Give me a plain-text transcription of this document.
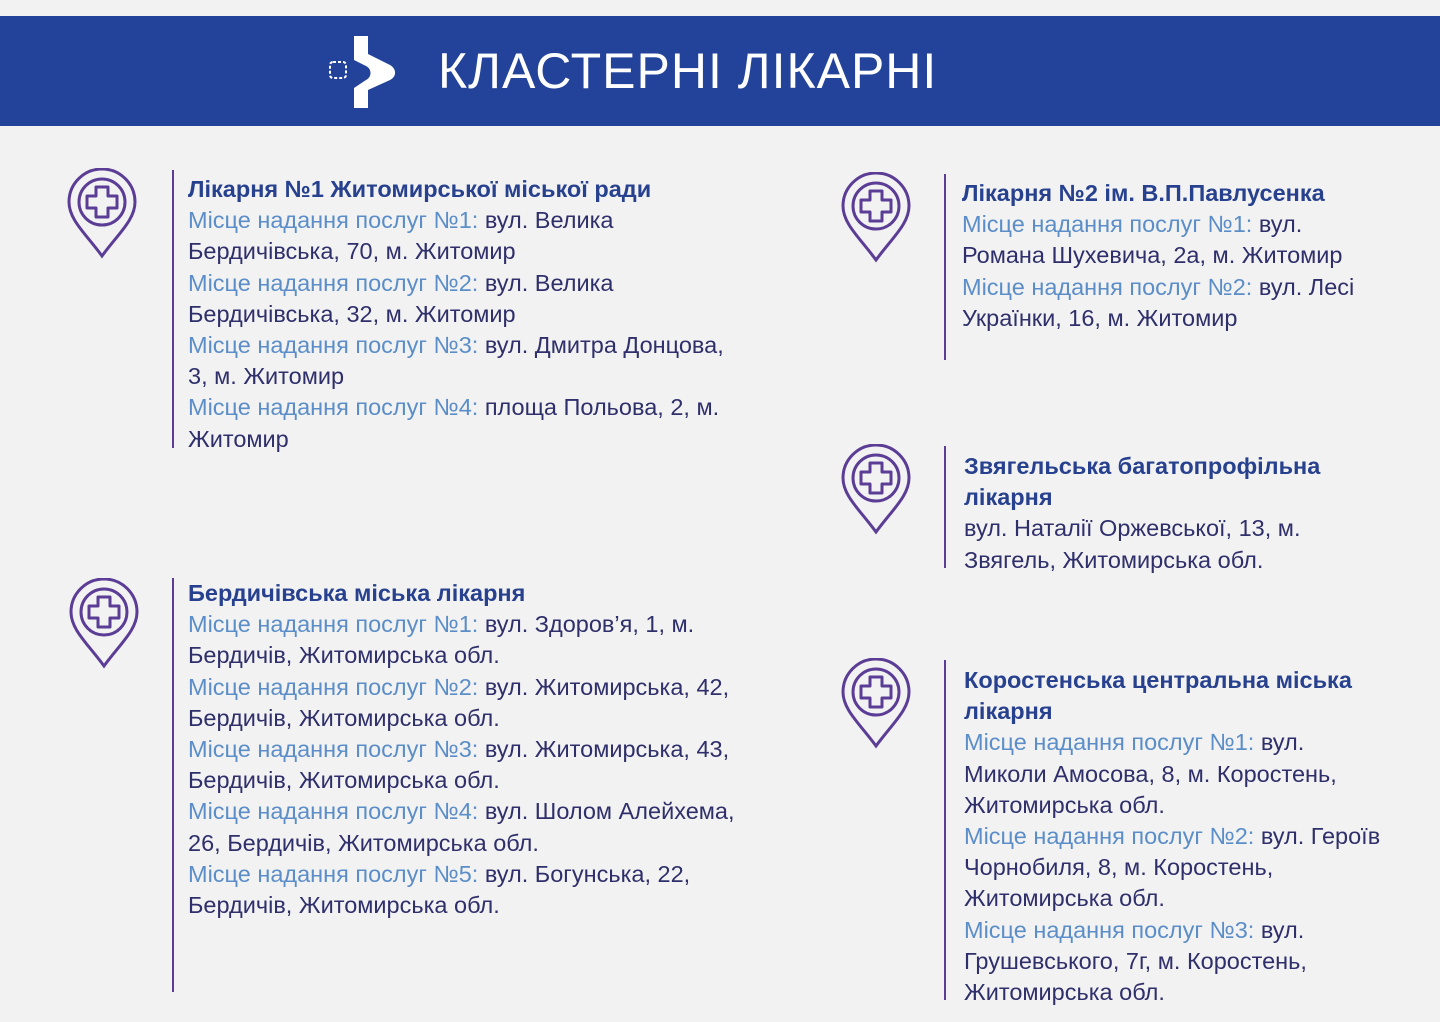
КЛАСТЕРНІ ЛІКАРНІ
Лікарня №1 Житомирської міської ради

Місце надання послуг №1: вул. Велика Бердичівська, 70, м. Житомир

Місце надання послуг №2: вул. Велика Бердичівська, 32, м. Житомир

Місце надання послуг №3: вул. Дмитра Донцова, 3, м. Житомир

Місце надання послуг №4: площа Польова, 2, м. Житомир

Бердичівська міська лікарня

Місце надання послуг №1: вул. Здоров’я, 1, м. Бердичів, Житомирська обл.

Місце надання послуг №2: вул. Житомирська, 42, Бердичів, Житомирська обл.

Місце надання послуг №3: вул. Житомирська, 43, Бердичів, Житомирська обл.

Місце надання послуг №4: вул. Шолом Алейхема, 26, Бердичів, Житомирська обл.

Місце надання послуг №5: вул. Богунська, 22, Бердичів, Житомирська обл.

Лікарня №2 ім. В.П.Павлусенка

Місце надання послуг №1: вул. Романа Шухевича, 2а, м. Житомир

Місце надання послуг №2: вул. Лесі Українки, 16, м. Житомир

Звягельська багатопрофільна лікарня

вул. Наталії Оржевської, 13, м. Звягель, Житомирська обл.

Коростенська центральна міська лікарня

Місце надання послуг №1: вул. Миколи Амосова, 8, м. Коростень, Житомирська обл.

Місце надання послуг №2: вул. Героїв Чорнобиля, 8, м. Коростень, Житомирська обл.

Місце надання послуг №3: вул. Грушевського, 7г, м. Коростень, Житомирська обл.
